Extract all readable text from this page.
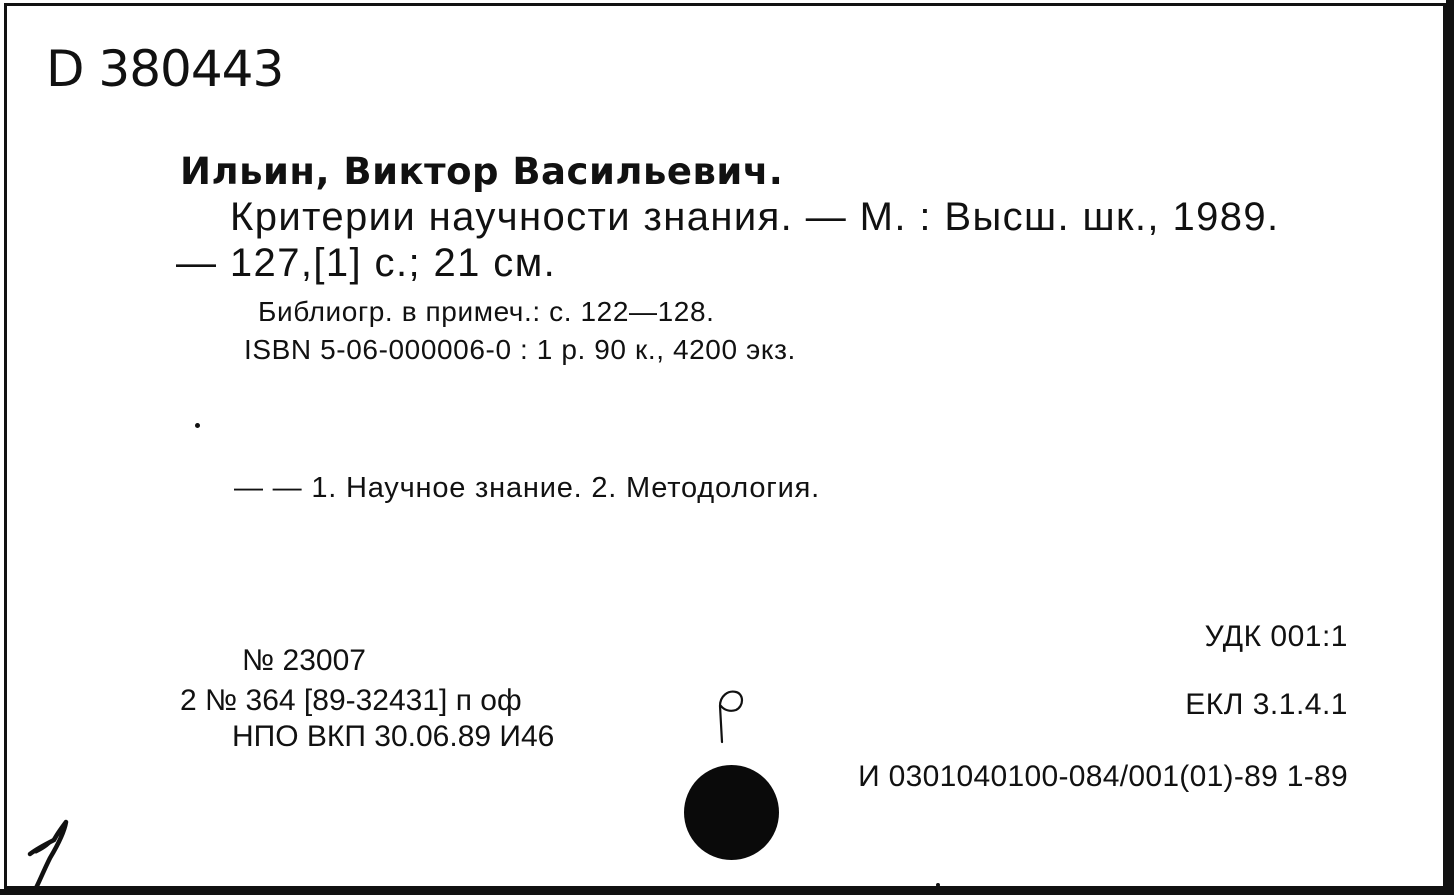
D 380443
Ильин, Виктор Васильевич.
Критерии научности знания. — М. : Высш. шк., 1989.
— 127,[1] с.; 21 см.
Библиогр. в примеч.: с. 122—128.
ISBN 5-06-000006-0 : 1 р. 90 к., 4200 экз.
— — 1. Научное знание. 2. Методология.
УДК 001:1
ЕКЛ 3.1.4.1
И 0301040100-084/001(01)-89 1-89
№ 23007
2 № 364 [89-32431] п оф
НПО ВКП 30.06.89 И46
